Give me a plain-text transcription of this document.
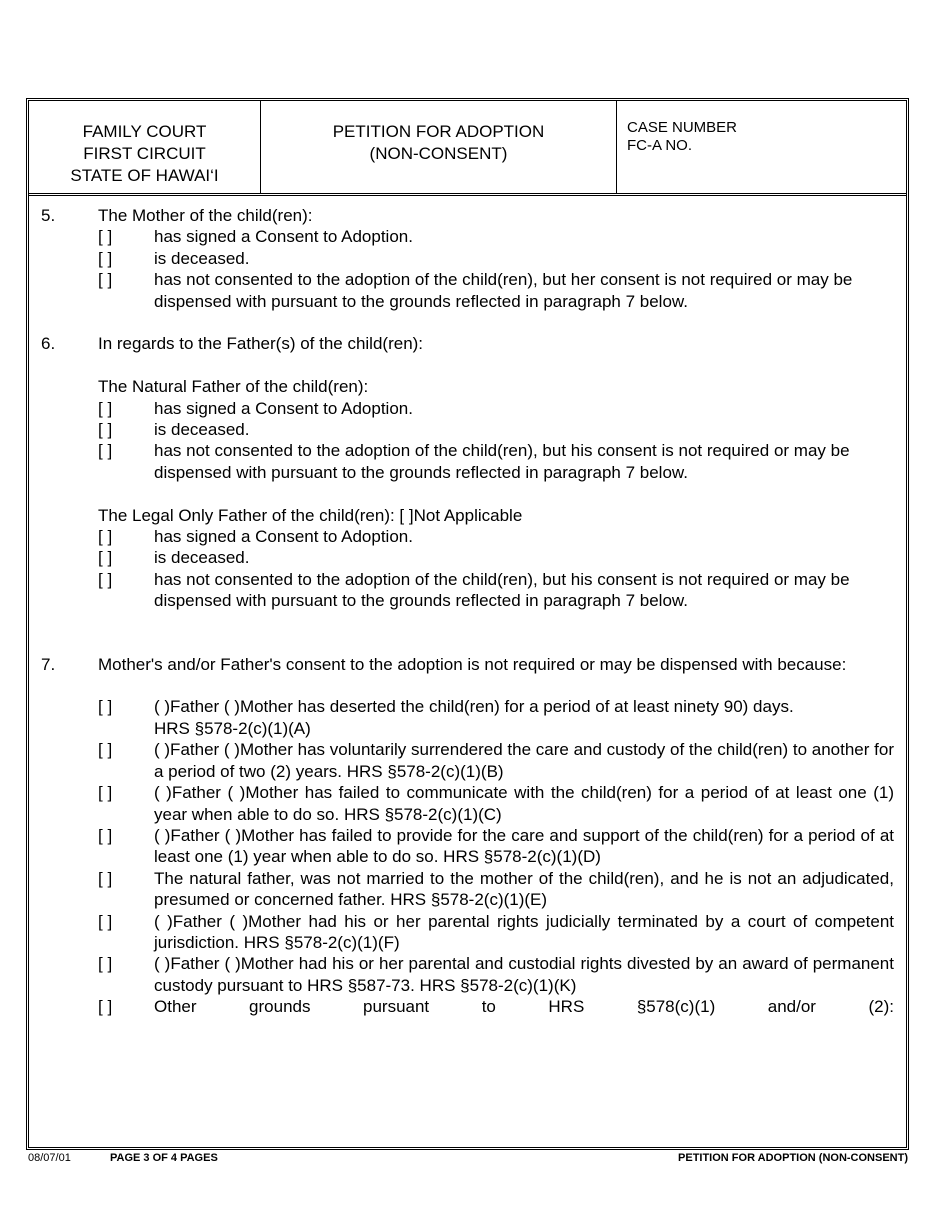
FAMILY COURT
FIRST CIRCUIT
STATE OF HAWAI‘I
PETITION FOR ADOPTION
(NON-CONSENT)
CASE NUMBER
FC-A NO.
5.	The Mother of the child(ren):
[ ]	has signed a Consent to Adoption.
[ ]	is deceased.
[ ]	has not consented to the adoption of the child(ren), but her consent is not required or may be dispensed with pursuant to the grounds reflected in paragraph 7 below.
6.	In regards to the Father(s) of the child(ren):
The Natural Father of the child(ren):
[ ]	has signed a Consent to Adoption.
[ ]	is deceased.
[ ]	has not consented to the adoption of the child(ren), but his consent is not required or may be dispensed with pursuant to the grounds reflected in paragraph 7 below.
The Legal Only Father of the child(ren): [ ]Not Applicable
[ ]	has signed a Consent to Adoption.
[ ]	is deceased.
[ ]	has not consented to the adoption of the child(ren), but his consent is not required or may be dispensed with pursuant to the grounds reflected in paragraph 7 below.
7.	Mother's and/or Father's consent to the adoption is not required or may be dispensed with because:
[ ]	( )Father ( )Mother has deserted the child(ren) for a period of at least ninety 90) days.
HRS §578-2(c)(1)(A)
[ ]	( )Father ( )Mother has voluntarily surrendered the care and custody of the child(ren) to another for a period of two (2) years. HRS §578-2(c)(1)(B)
[ ]	( )Father ( )Mother has failed to communicate with the child(ren) for a period of at least one (1) year when able to do so. HRS §578-2(c)(1)(C)
[ ]	( )Father ( )Mother has failed to provide for the care and support of the child(ren) for a period of at least one (1) year when able to do so. HRS §578-2(c)(1)(D)
[ ]	The natural father, was not married to the mother of the child(ren), and he is not an adjudicated, presumed or concerned father. HRS §578-2(c)(1)(E)
[ ]	( )Father ( )Mother had his or her parental rights judicially terminated by a court of competent jurisdiction. HRS §578-2(c)(1)(F)
[ ]	( )Father ( )Mother had his or her parental and custodial rights divested by an award of permanent custody pursuant to HRS §587-73. HRS §578-2(c)(1)(K)
[ ]	Other	grounds	pursuant	to	HRS	§578(c)(1)	and/or	(2):
08/07/01	PAGE 3 OF 4 PAGES	PETITION FOR ADOPTION (NON-CONSENT)
